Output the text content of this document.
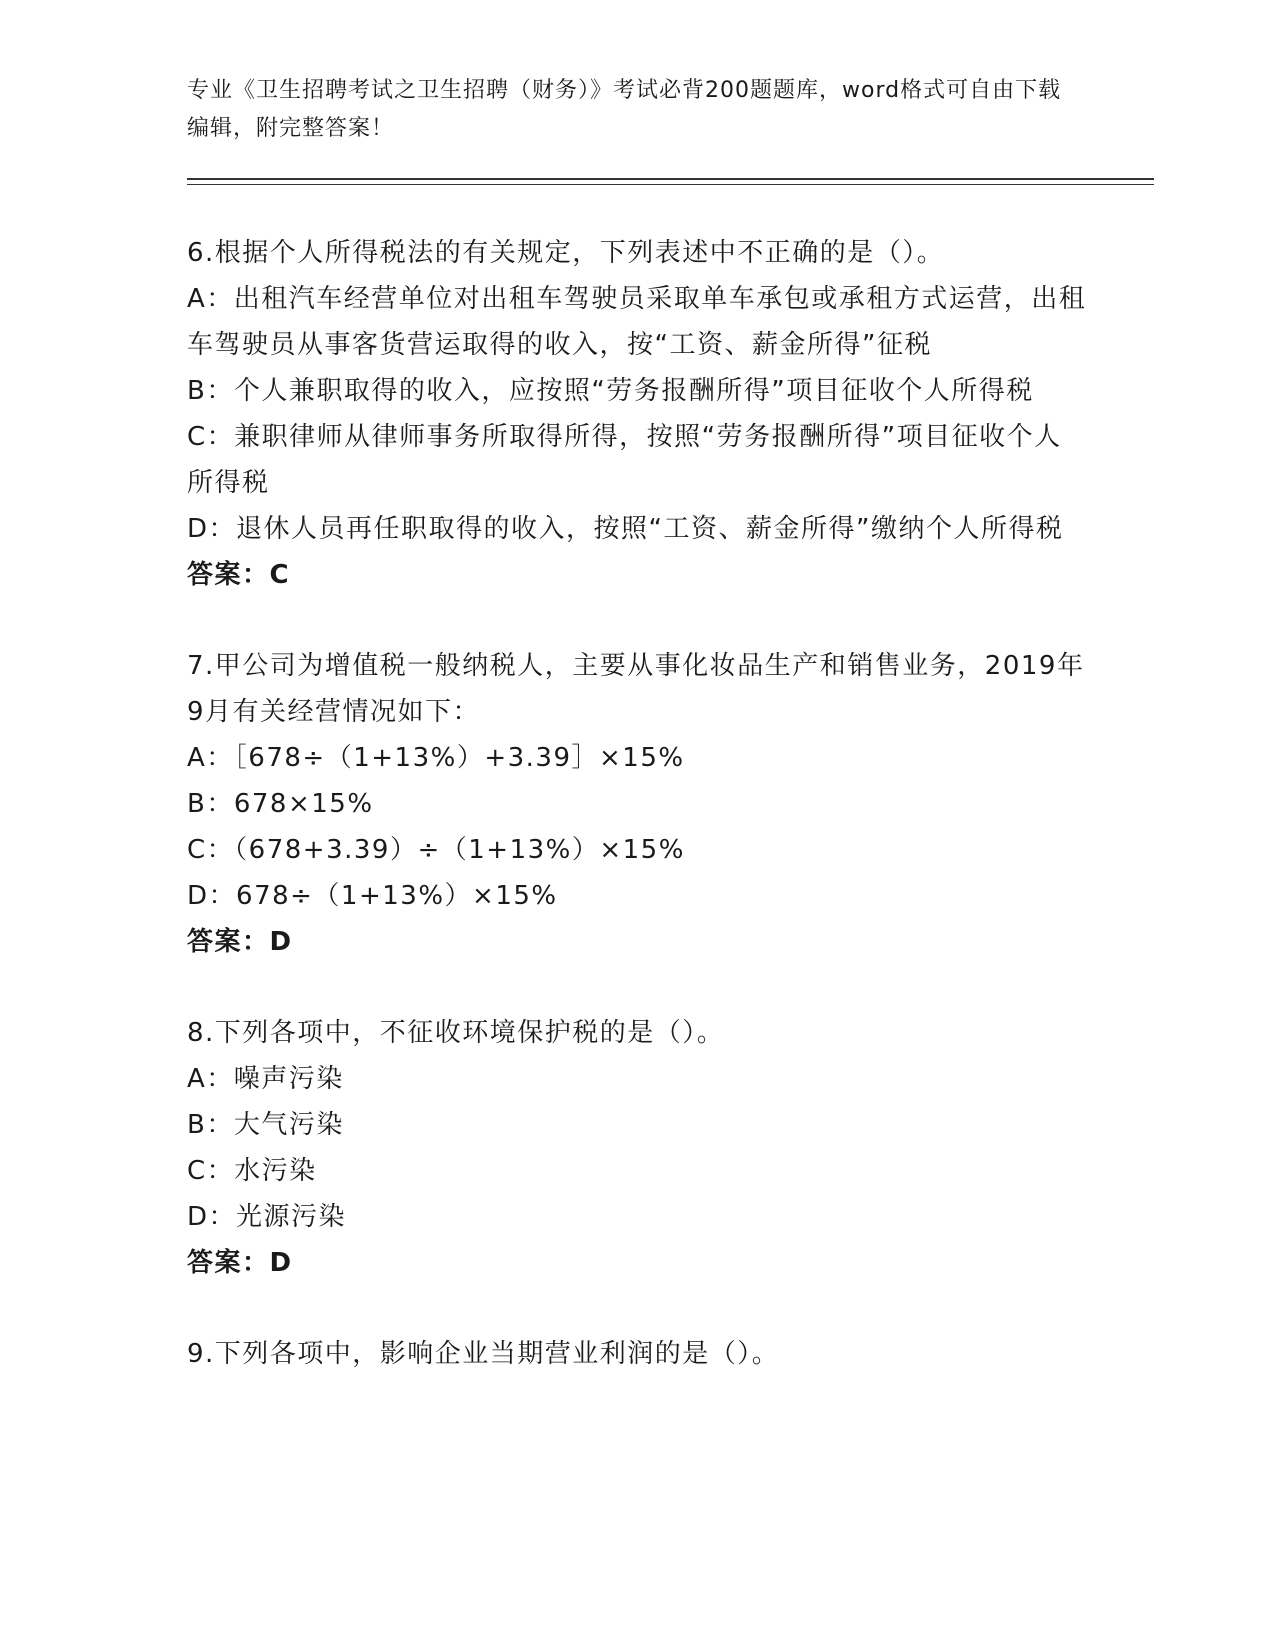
专业《卫生招聘考试之卫生招聘（财务）》考试必背200题题库，word格式可自由下载编辑，附完整答案！

6.根据个人所得税法的有关规定，下列表述中不正确的是（）。

A：出租汽车经营单位对出租车驾驶员采取单车承包或承租方式运营，出租车驾驶员从事客货营运取得的收入，按“工资、薪金所得”征税

B：个人兼职取得的收入，应按照“劳务报酬所得”项目征收个人所得税

C：兼职律师从律师事务所取得所得，按照“劳务报酬所得”项目征收个人所得税

D：退休人员再任职取得的收入，按照“工资、薪金所得”缴纳个人所得税

答案：C

7.甲公司为增值税一般纳税人，主要从事化妆品生产和销售业务，2019年9月有关经营情况如下：

A：［678÷（1+13%）+3.39］×15%

B：678×15%

C：（678+3.39）÷（1+13%）×15%

D：678÷（1+13%）×15%

答案：D

8.下列各项中，不征收环境保护税的是（）。

A：噪声污染

B：大气污染

C：水污染

D：光源污染

答案：D

9.下列各项中，影响企业当期营业利润的是（）。
